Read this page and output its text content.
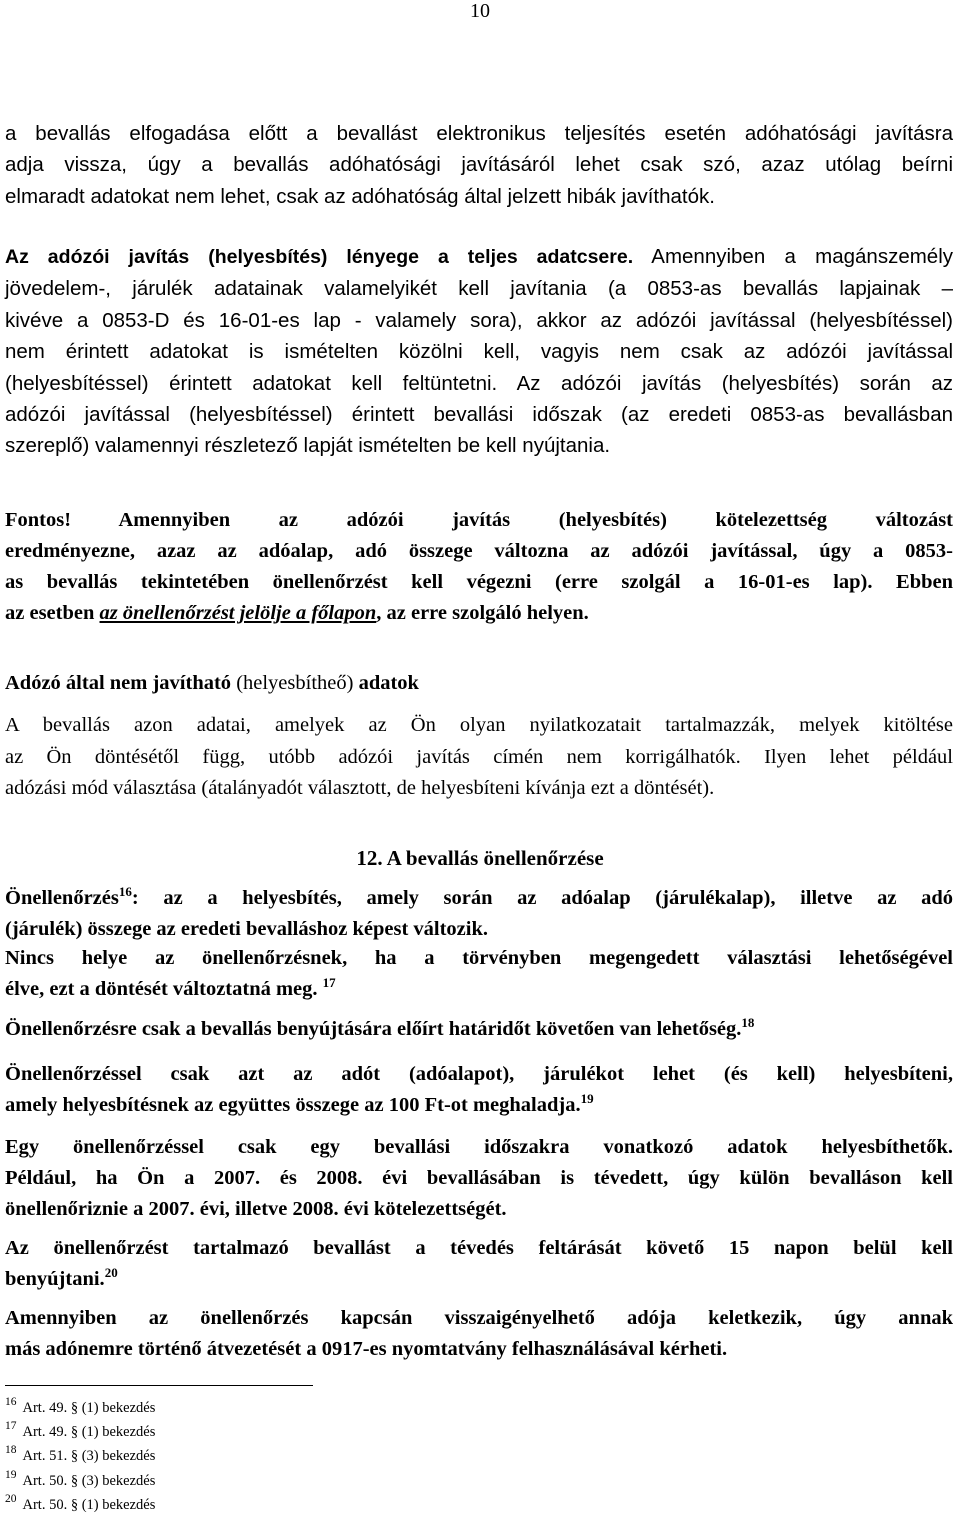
10
a bevallás elfogadása előtt a bevallást elektronikus teljesítés esetén adóhatósági javításra
adja vissza, úgy a bevallás adóhatósági javításáról lehet csak szó, azaz utólag beírni
elmaradt adatokat nem lehet, csak az adóhatóság által jelzett hibák javíthatók.
Az adózói javítás (helyesbítés) lényege a teljes adatcsere. Amennyiben a magánszemély
jövedelem-, járulék adatainak valamelyikét kell javítania (a 0853-as bevallás lapjainak –
kivéve a 0853-D és 16-01-es lap - valamely sora), akkor az adózói javítással (helyesbítéssel)
nem érintett adatokat is ismételten közölni kell, vagyis nem csak az adózói javítással
(helyesbítéssel) érintett adatokat kell feltüntetni. Az adózói javítás (helyesbítés) során az
adózói javítással (helyesbítéssel) érintett bevallási időszak (az eredeti 0853-as bevallásban
szereplő) valamennyi részletező lapját ismételten be kell nyújtania.
Fontos! Amennyiben az adózói javítás (helyesbítés) kötelezettség változást
eredményezne, azaz az adóalap, adó összege változna az adózói javítással, úgy a 0853-
as bevallás tekintetében önellenőrzést kell végezni (erre szolgál a 16-01-es lap). Ebben
az esetben az önellenőrzést jelölje a főlapon, az erre szolgáló helyen.
Adózó által nem javítható (helyesbítheő) adatok
A bevallás azon adatai, amelyek az Ön olyan nyilatkozatait tartalmazzák, melyek kitöltése
az Ön döntésétől függ, utóbb adózói javítás címén nem korrigálhatók. Ilyen lehet például
adózási mód választása (átalányadót választott, de helyesbíteni kívánja ezt a döntését).
12. A bevallás önellenőrzése
Önellenőrzés$^{16}$: az a helyesbítés, amely során az adóalap (járulékalap), illetve az adó
(járulék) összege az eredeti bevalláshoz képest változik.
Nincs helye az önellenőrzésnek, ha a törvényben megengedett választási lehetőségével
élve, ezt a döntését változtatná meg. $^{17}$
Önellenőrzésre csak a bevallás benyújtására előírt határidőt követően van lehetőség.$^{18}$
Önellenőrzéssel csak azt az adót (adóalapot), járulékot lehet (és kell) helyesbíteni,
amely helyesbítésnek az együttes összege az 100 Ft-ot meghaladja.$^{19}$
Egy önellenőrzéssel csak egy bevallási időszakra vonatkozó adatok helyesbíthetők.
Például, ha Ön a 2007. és 2008. évi bevallásában is tévedett, úgy külön bevalláson kell
önellenőriznie a 2007. évi, illetve 2008. évi kötelezettségét.
Az önellenőrzést tartalmazó bevallást a tévedés feltárását követő 15 napon belül kell
benyújtani.$^{20}$
Amennyiben az önellenőrzés kapcsán visszaigényelhető adója keletkezik, úgy annak
más adónemre történő átvezetését a 0917-es nyomtatvány felhasználásával kérheti.
$^{16}$ Art. 49. § (1) bekezdés
$^{17}$ Art. 49. § (1) bekezdés
$^{18}$ Art. 51. § (3) bekezdés
$^{19}$ Art. 50. § (3) bekezdés
$^{20}$ Art. 50. § (1) bekezdés
